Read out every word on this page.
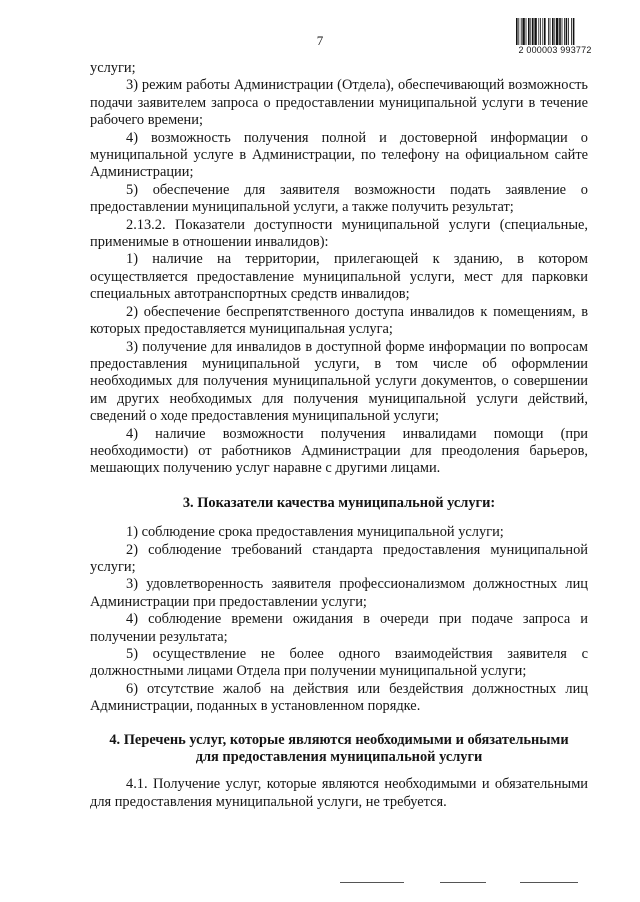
7
2 000003 993772

услуги;

3) режим работы Администрации (Отдела), обеспечивающий возможность подачи заявителем запроса о предоставлении муниципальной услуги в течение рабочего времени;

4) возможность получения полной и достоверной информации о муниципальной услуге в Администрации, по телефону на официальном сайте Администрации;

5) обеспечение для заявителя возможности подать заявление о предоставлении муниципальной услуги, а также получить результат;

2.13.2. Показатели доступности муниципальной услуги (специальные, применимые в отношении инвалидов):

1) наличие на территории, прилегающей к зданию, в котором осуществляется предоставление муниципальной услуги, мест для парковки специальных автотранспортных средств инвалидов;

2) обеспечение беспрепятственного доступа инвалидов к помещениям, в которых предоставляется муниципальная услуга;

3) получение для инвалидов в доступной форме информации по вопросам предоставления муниципальной услуги, в том числе об оформлении необходимых для получения муниципальной услуги документов, о совершении им других необходимых для получения муниципальной услуги действий, сведений о ходе предоставления муниципальной услуги;

4) наличие возможности получения инвалидами помощи (при необходимости) от работников Администрации для преодоления барьеров, мешающих получению услуг наравне с другими лицами.

3. Показатели качества муниципальной услуги:

1) соблюдение срока предоставления муниципальной услуги;

2) соблюдение требований стандарта предоставления муниципальной услуги;

3) удовлетворенность заявителя профессионализмом должностных лиц Администрации при предоставлении услуги;

4) соблюдение времени ожидания в очереди при подаче запроса и получении результата;

5) осуществление не более одного взаимодействия заявителя с должностными лицами Отдела при получении муниципальной услуги;

6) отсутствие жалоб на действия или бездействия должностных лиц Администрации, поданных в установленном порядке.

4. Перечень услуг, которые являются необходимыми и обязательными
для предоставления муниципальной услуги

4.1. Получение услуг, которые являются необходимыми и обязательными для предоставления муниципальной услуги, не требуется.
